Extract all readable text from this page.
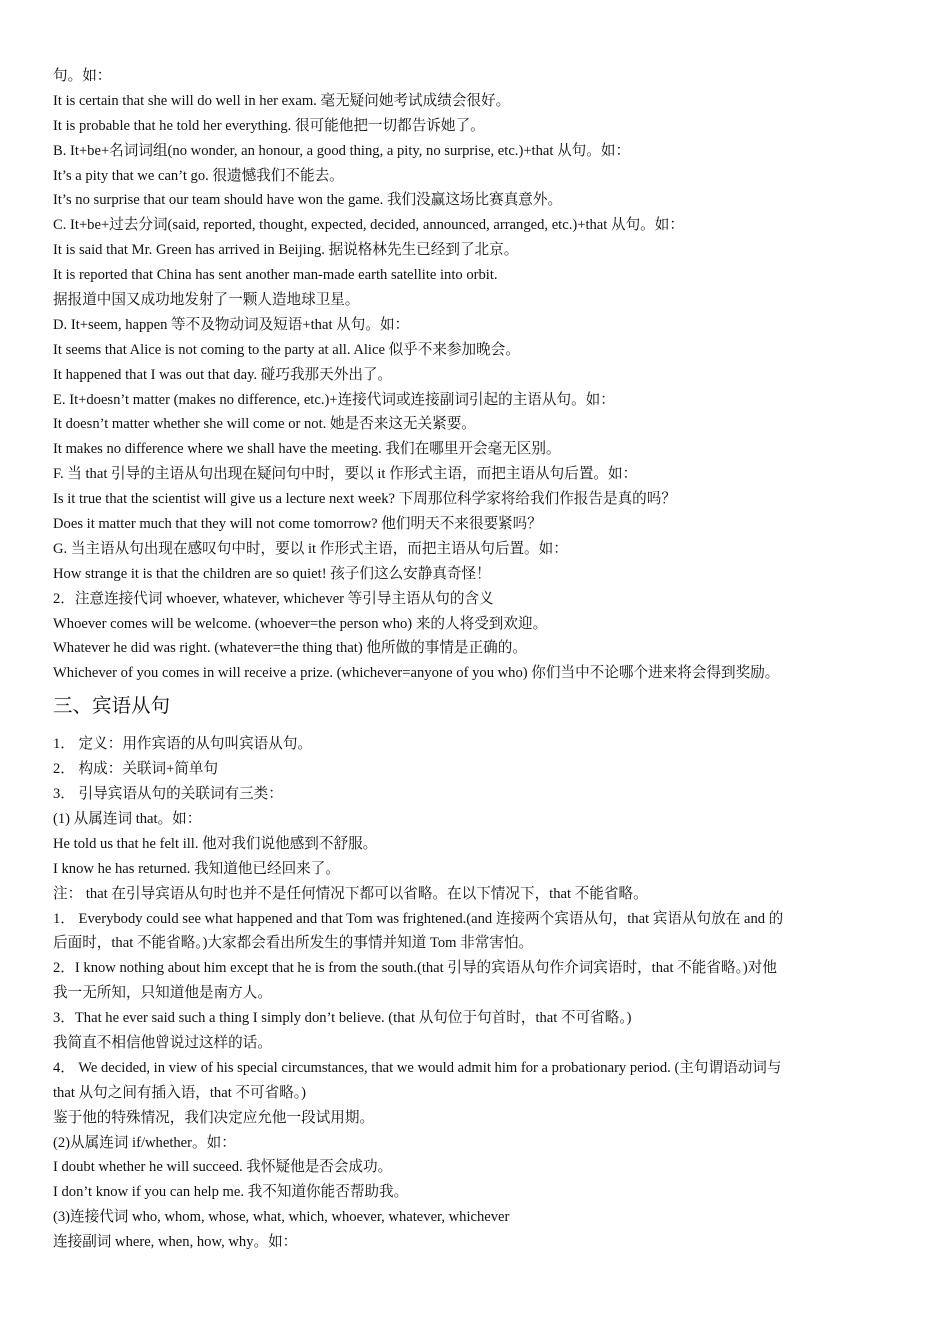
句。如：
It is certain that she will do well in her exam. 毫无疑问她考试成绩会很好。
It is probable that he told her everything. 很可能他把一切都告诉她了。
B. It+be+名词词组(no wonder, an honour, a good thing, a pity, no surprise, etc.)+that 从句。如：
It’s a pity that we can’t go. 很遗憾我们不能去。
It’s no surprise that our team should have won the game. 我们没赢这场比赛真意外。
C. It+be+过去分词(said, reported, thought, expected, decided, announced, arranged, etc.)+that 从句。如：
It is said that Mr. Green has arrived in Beijing. 据说格林先生已经到了北京。
It is reported that China has sent another man-made earth satellite into orbit.
据报道中国又成功地发射了一颗人造地球卫星。
D. It+seem, happen 等不及物动词及短语+that 从句。如：
It seems that Alice is not coming to the party at all. Alice 似乎不来参加晚会。
It happened that I was out that day. 碰巧我那天外出了。
E. It+doesn’t matter (makes no difference, etc.)+连接代词或连接副词引起的主语从句。如：
It doesn’t matter whether she will come or not. 她是否来这无关紧要。
It makes no difference where we shall have the meeting. 我们在哪里开会毫无区别。
F. 当 that 引导的主语从句出现在疑问句中时，要以 it 作形式主语，而把主语从句后置。如：
Is it true that the scientist will give us a lecture next week? 下周那位科学家将给我们作报告是真的吗？
Does it matter much that they will not come tomorrow? 他们明天不来很要紧吗？
G. 当主语从句出现在感叹句中时，要以 it 作形式主语，而把主语从句后置。如：
How strange it is that the children are so quiet! 孩子们这么安静真奇怪！
2．注意连接代词 whoever, whatever, whichever 等引导主语从句的含义
Whoever comes will be welcome. (whoever=the person who) 来的人将受到欢迎。
Whatever he did was right. (whatever=the thing that) 他所做的事情是正确的。
Whichever of you comes in will receive a prize. (whichever=anyone of you who) 你们当中不论哪个进来将会得到奖励。
三、宾语从句
1． 定义：用作宾语的从句叫宾语从句。
2． 构成：关联词+简单句
3． 引导宾语从句的关联词有三类：
(1) 从属连词 that。如：
He told us that he felt ill. 他对我们说他感到不舒服。
I know he has returned. 我知道他已经回来了。
注： that 在引导宾语从句时也并不是任何情况下都可以省略。在以下情况下，that 不能省略。
1． Everybody could see what happened and that Tom was frightened.(and 连接两个宾语从句，that 宾语从句放在 and 的
后面时，that 不能省略。)大家都会看出所发生的事情并知道 Tom 非常害怕。
2．I know nothing about him except that he is from the south.(that 引导的宾语从句作介词宾语时，that 不能省略。)对他
我一无所知，只知道他是南方人。
3．That he ever said such a thing I simply don’t believe. (that 从句位于句首时，that 不可省略。)
我简直不相信他曾说过这样的话。
4． We decided, in view of his special circumstances, that we would admit him for a probationary period. (主句谓语动词与
that 从句之间有插入语，that 不可省略。)
鉴于他的特殊情况，我们决定应允他一段试用期。
(2)从属连词 if/whether。如：
I doubt whether he will succeed. 我怀疑他是否会成功。
I don’t know if you can help me. 我不知道你能否帮助我。
(3)连接代词 who, whom, whose, what, which, whoever, whatever, whichever
连接副词 where, when, how, why。如：
